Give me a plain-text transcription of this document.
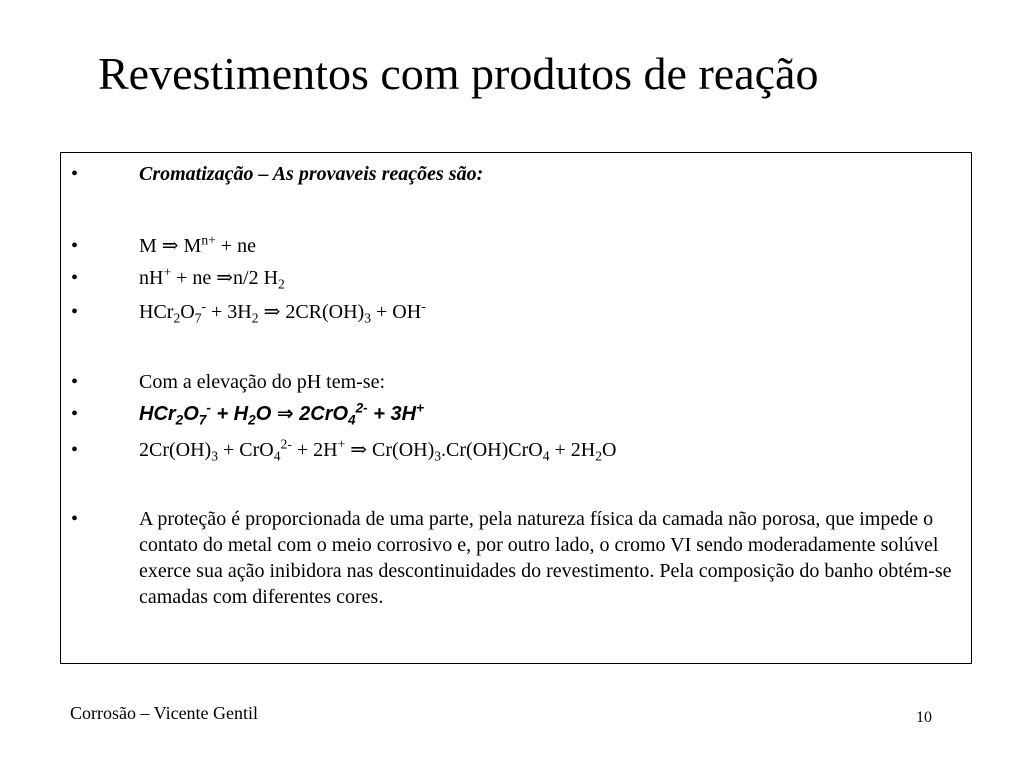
Revestimentos com produtos de reação
•	Cromatização – As provaveis reações são:
•	M ⇒ $M^{n+}$ + ne
•	nH+ + ne ⇒n/2 $H_2$
•	$HCr_2O_7^- + 3H_2$ ⇒ $2CR(OH)_3 + OH^-$
•	Com a elevação do pH tem-se:
•	$HCr_2O_7^- + H_2O$ ⇒ 2CrO$_4^{2-}$ + 3H+
•	$2Cr(OH)_3 + CrO_4^{2-} + 2H^+$ ⇒ $Cr(OH)_3.Cr(OH)CrO_4 + 2H_2O$
•	A proteção é proporcionada de uma parte, pela natureza física da camada não porosa, que impede o contato do metal com o meio corrosivo e, por outro lado, o cromo VI sendo moderadamente solúvel exerce sua ação inibidora nas descontinuidades do revestimento. Pela composição do banho obtém-se camadas com diferentes cores.
Corrosão – Vicente Gentil	10
